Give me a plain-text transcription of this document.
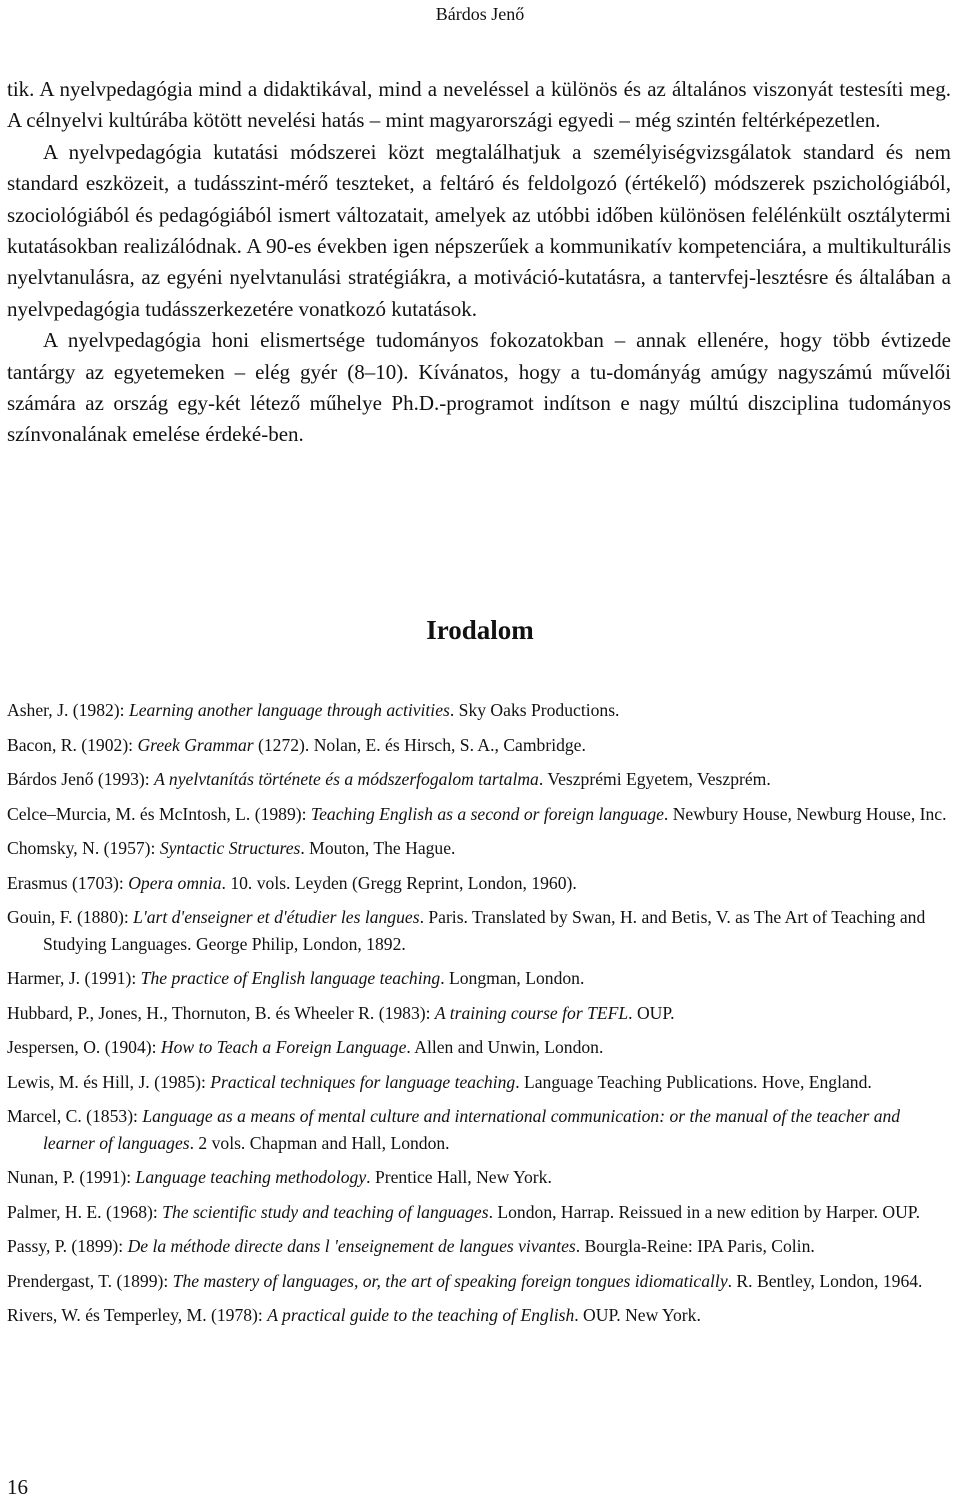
Bárdos Jenő

tik. A nyelvpedagógia mind a didaktikával, mind a neveléssel a különös és az általános viszonyát testesíti meg. A célnyelvi kultúrába kötött nevelési hatás – mint magyarországi egyedi – még szintén feltérképezetlen.

A nyelvpedagógia kutatási módszerei közt megtalálhatjuk a személyiségvizsgálatok standard és nem standard eszközeit, a tudásszint-mérő teszteket, a feltáró és feldolgozó (értékelő) módszerek pszichológiából, szociológiából és pedagógiából ismert változatait, amelyek az utóbbi időben különösen felélénkült osztálytermi kutatásokban realizálódnak. A 90-es években igen népszerűek a kommunikatív kompetenciára, a multikulturális nyelvtanulásra, az egyéni nyelvtanulási stratégiákra, a motiváció-kutatásra, a tantervfej-lesztésre és általában a nyelvpedagógia tudásszerkezetére vonatkozó kutatások.

A nyelvpedagógia honi elismertsége tudományos fokozatokban – annak ellenére, hogy több évtizede tantárgy az egyetemeken – elég gyér (8–10). Kívánatos, hogy a tu-dományág amúgy nagyszámú művelői számára az ország egy-két létező műhelye Ph.D.-programot indítson e nagy múltú diszciplina tudományos színvonalának emelése érdeké-ben.

Irodalom

Asher, J. (1982): Learning another language through activities. Sky Oaks Productions.

Bacon, R. (1902): Greek Grammar (1272). Nolan, E. és Hirsch, S. A., Cambridge.

Bárdos Jenő (1993): A nyelvtanítás története és a módszerfogalom tartalma. Veszprémi Egyetem, Veszprém.

Celce–Murcia, M. és McIntosh, L. (1989): Teaching English as a second or foreign language. Newbury House, Newburg House, Inc.

Chomsky, N. (1957): Syntactic Structures. Mouton, The Hague.

Erasmus (1703): Opera omnia. 10. vols. Leyden (Gregg Reprint, London, 1960).

Gouin, F. (1880): L'art d'enseigner et d'étudier les langues. Paris. Translated by Swan, H. and Betis, V. as The Art of Teaching and Studying Languages. George Philip, London, 1892.

Harmer, J. (1991): The practice of English language teaching. Longman, London.

Hubbard, P., Jones, H., Thornuton, B. és Wheeler R. (1983): A training course for TEFL. OUP.

Jespersen, O. (1904): How to Teach a Foreign Language. Allen and Unwin, London.

Lewis, M. és Hill, J. (1985): Practical techniques for language teaching. Language Teaching Publications. Hove, England.

Marcel, C. (1853): Language as a means of mental culture and international communication: or the manual of the teacher and learner of languages. 2 vols. Chapman and Hall, London.

Nunan, P. (1991): Language teaching methodology. Prentice Hall, New York.

Palmer, H. E. (1968): The scientific study and teaching of languages. London, Harrap. Reissued in a new edition by Harper. OUP.

Passy, P. (1899): De la méthode directe dans l 'enseignement de langues vivantes. Bourgla-Reine: IPA Paris, Colin.

Prendergast, T. (1899): The mastery of languages, or, the art of speaking foreign tongues idiomatically. R. Bentley, London, 1964.

Rivers, W. és Temperley, M. (1978): A practical guide to the teaching of English. OUP. New York.

16
